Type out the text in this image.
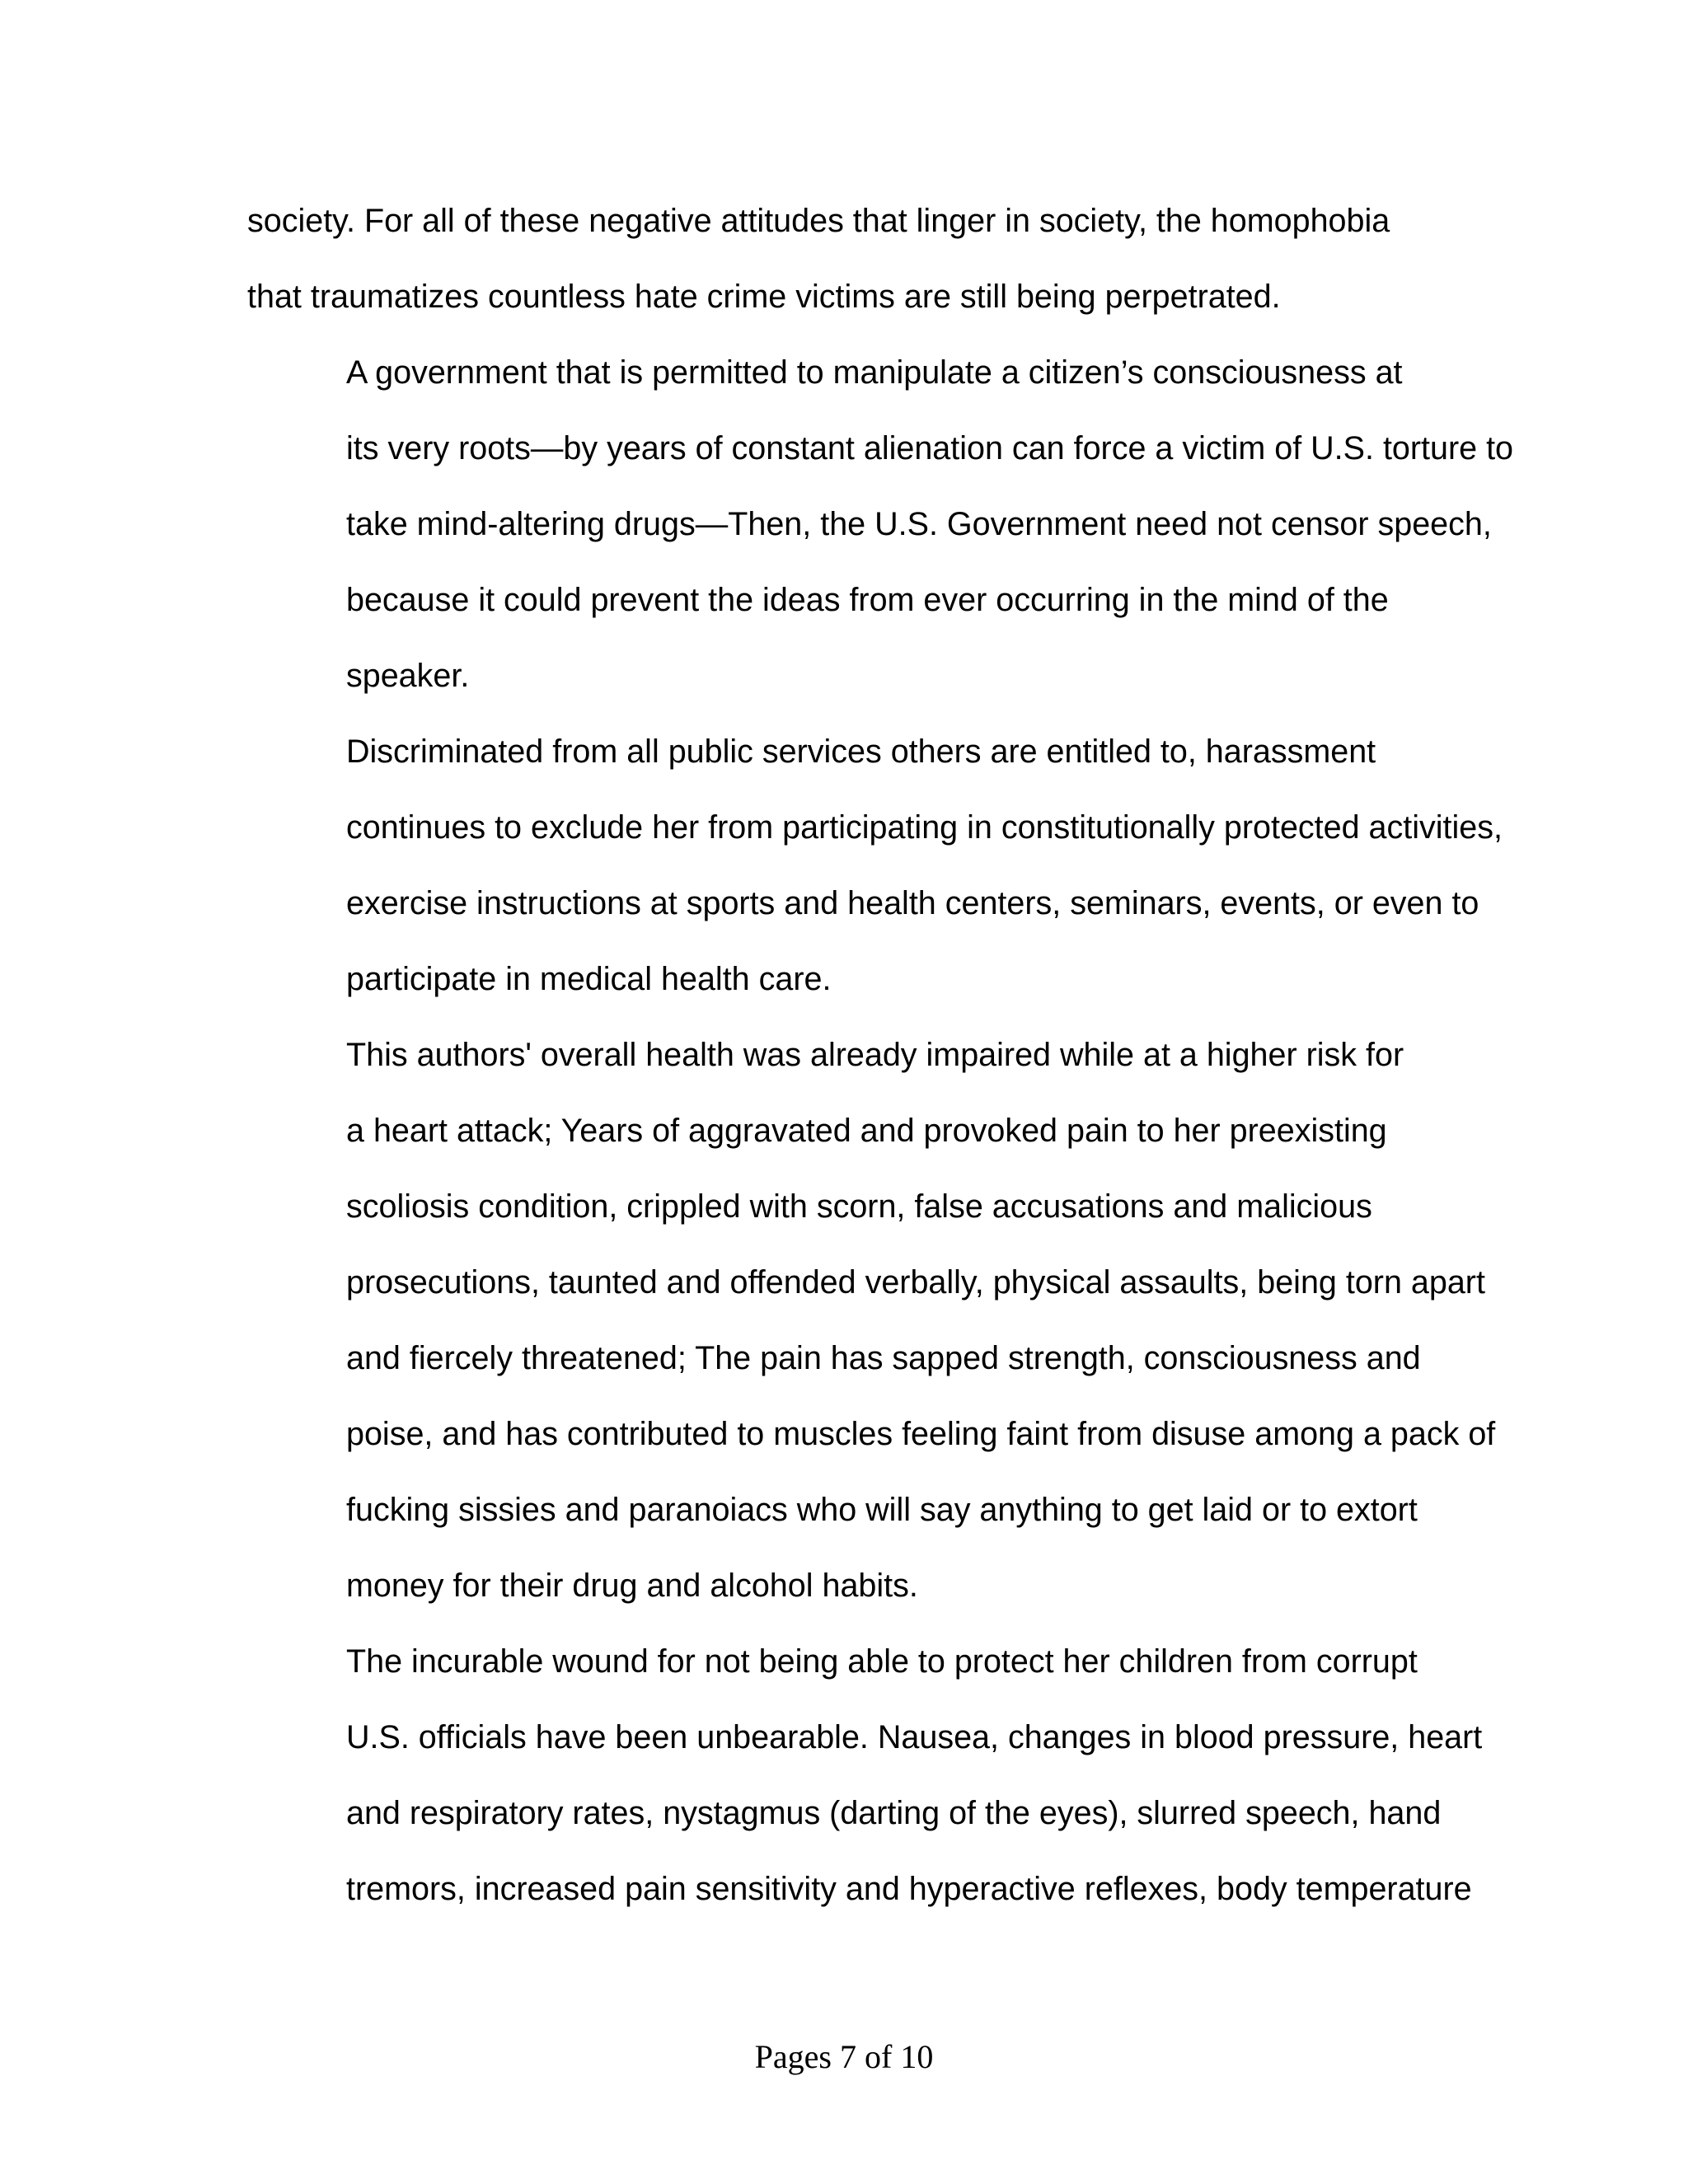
society. For all of these negative attitudes that linger in society, the homophobia
that traumatizes countless hate crime victims are still being perpetrated.

A government that is permitted to manipulate a citizen’s consciousness at
its very roots—by years of constant alienation can force a victim of U.S. torture to
take mind-altering drugs—Then, the U.S. Government need not censor speech,
because it could prevent the ideas from ever occurring in the mind of the
speaker.

Discriminated from all public services others are entitled to, harassment
continues to exclude her from participating in constitutionally protected activities,
exercise instructions at sports and health centers, seminars, events, or even to
participate in medical health care.

This authors' overall health was already impaired while at a higher risk for
a heart attack; Years of aggravated and provoked pain to her preexisting
scoliosis condition, crippled with scorn, false accusations and malicious
prosecutions, taunted and offended verbally, physical assaults, being torn apart
and fiercely threatened; The pain has sapped strength, consciousness and
poise, and has contributed to muscles feeling faint from disuse among a pack of
fucking sissies and paranoiacs who will say anything to get laid or to extort
money for their drug and alcohol habits.

The incurable wound for not being able to protect her children from corrupt
U.S. officials have been unbearable. Nausea, changes in blood pressure, heart
and respiratory rates, nystagmus (darting of the eyes), slurred speech, hand
tremors, increased pain sensitivity and hyperactive reflexes, body temperature

Pages 7 of 10
